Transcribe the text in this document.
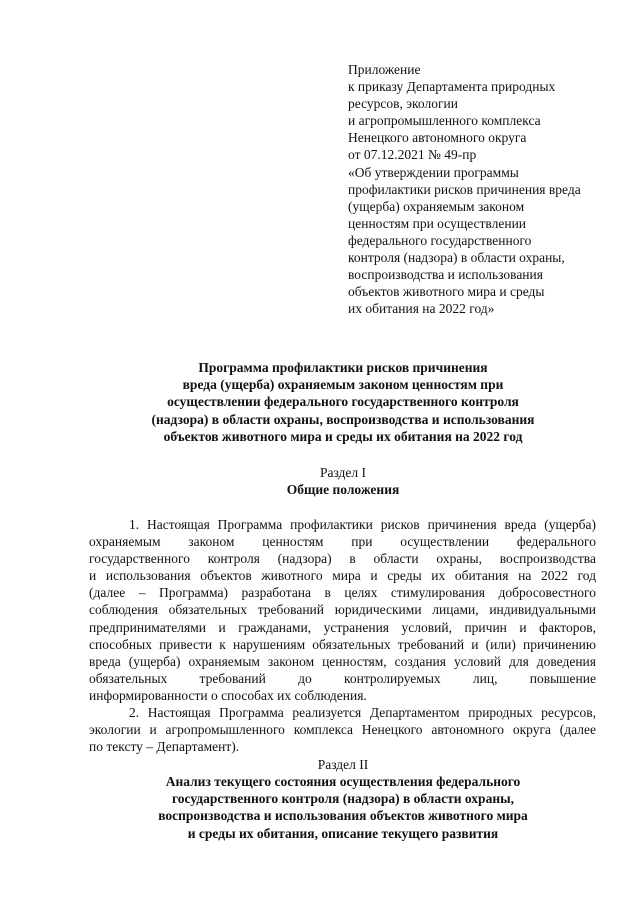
Приложение
к приказу Департамента природных
ресурсов, экологии
и агропромышленного комплекса
Ненецкого автономного округа
от 07.12.2021 № 49-пр
«Об утверждении программы
профилактики рисков причинения вреда
(ущерба) охраняемым законом
ценностям при осуществлении
федерального государственного
контроля (надзора) в области охраны,
воспроизводства и использования
объектов животного мира и среды
их обитания на 2022 год»
Программа профилактики рисков причинения
вреда (ущерба) охраняемым законом ценностям при
осуществлении федерального государственного контроля
(надзора) в области охраны, воспроизводства и использования
объектов животного мира и среды их обитания на 2022 год
Раздел I
Общие положения
1. Настоящая Программа профилактики рисков причинения вреда (ущерба)
охраняемым законом ценностям при осуществлении федерального
государственного контроля (надзора) в области охраны, воспроизводства
и использования объектов животного мира и среды их обитания на 2022 год
(далее – Программа) разработана в целях стимулирования добросовестного
соблюдения обязательных требований юридическими лицами, индивидуальными
предпринимателями и гражданами, устранения условий, причин и факторов,
способных привести к нарушениям обязательных требований и (или) причинению
вреда (ущерба) охраняемым законом ценностям, создания условий для доведения
обязательных требований до контролируемых лиц, повышение
информированности о способах их соблюдения.
2. Настоящая Программа реализуется Департаментом природных ресурсов,
экологии и агропромышленного комплекса Ненецкого автономного округа (далее
по тексту – Департамент).
Раздел II
Анализ текущего состояния осуществления федерального
государственного контроля (надзора) в области охраны,
воспроизводства и использования объектов животного мира
и среды их обитания, описание текущего развития
